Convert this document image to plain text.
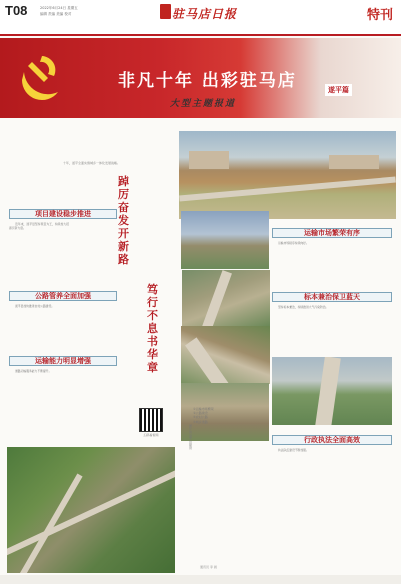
T08	2022年6月24日 星期五
编辑 责编 美编 校对	驻马店日报	特刊
非凡十年 出彩驻马店	遂平篇
大型主题报道
十年，遂平全面实施城乡一体化发展战略。
踔厉奋发开新路
笃行不息书华章
项目建设稳步推进
近年来，遂平县坚持项目为王，持续加大招商引资力度。
公路管养全面加强
遂平县加快推进农村公路建设。
运输能力明显增强
道路运输服务能力不断提升。
运输市场繁荣有序
运输市场秩序持续向好。
标本兼治保卫蓝天
坚持标本兼治，持续推进大气污染防治。
行政执法全面高效
执法队伍建设不断加强。
扫码看视频
图片由遂平县提供
①运输市场繁荣
②公路建设
③农村公路
④城乡道路
通讯员 李 晨
